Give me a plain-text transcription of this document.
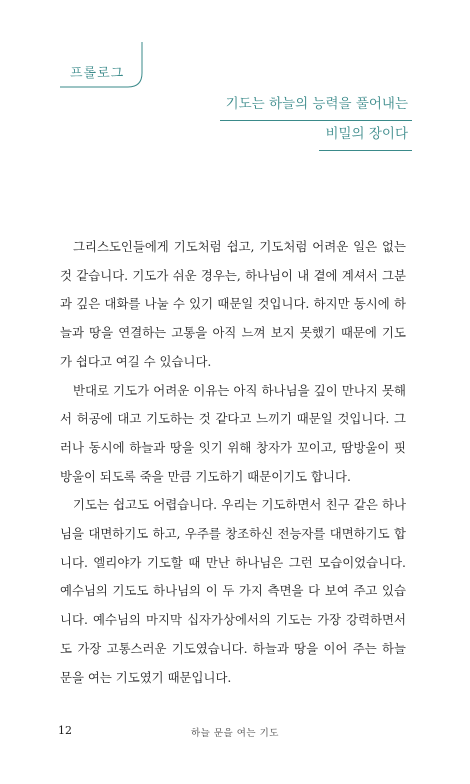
프롤로그
기도는 하늘의 능력을 풀어내는
비밀의 장이다

그리스도인들에게 기도처럼 쉽고, 기도처럼 어려운 일은 없는 것 같습니다. 기도가 쉬운 경우는, 하나님이 내 곁에 계셔서 그분과 깊은 대화를 나눌 수 있기 때문일 것입니다. 하지만 동시에 하늘과 땅을 연결하는 고통을 아직 느껴 보지 못했기 때문에 기도가 쉽다고 여길 수 있습니다.

반대로 기도가 어려운 이유는 아직 하나님을 깊이 만나지 못해서 허공에 대고 기도하는 것 같다고 느끼기 때문일 것입니다. 그러나 동시에 하늘과 땅을 잇기 위해 창자가 꼬이고, 땀방울이 핏방울이 되도록 죽을 만큼 기도하기 때문이기도 합니다.

기도는 쉽고도 어렵습니다. 우리는 기도하면서 친구 같은 하나님을 대면하기도 하고, 우주를 창조하신 전능자를 대면하기도 합니다. 엘리야가 기도할 때 만난 하나님은 그런 모습이었습니다. 예수님의 기도도 하나님의 이 두 가지 측면을 다 보여 주고 있습니다. 예수님의 마지막 십자가상에서의 기도는 가장 강력하면서도 가장 고통스러운 기도였습니다. 하늘과 땅을 이어 주는 하늘 문을 여는 기도였기 때문입니다.

12	하늘 문을 여는 기도
